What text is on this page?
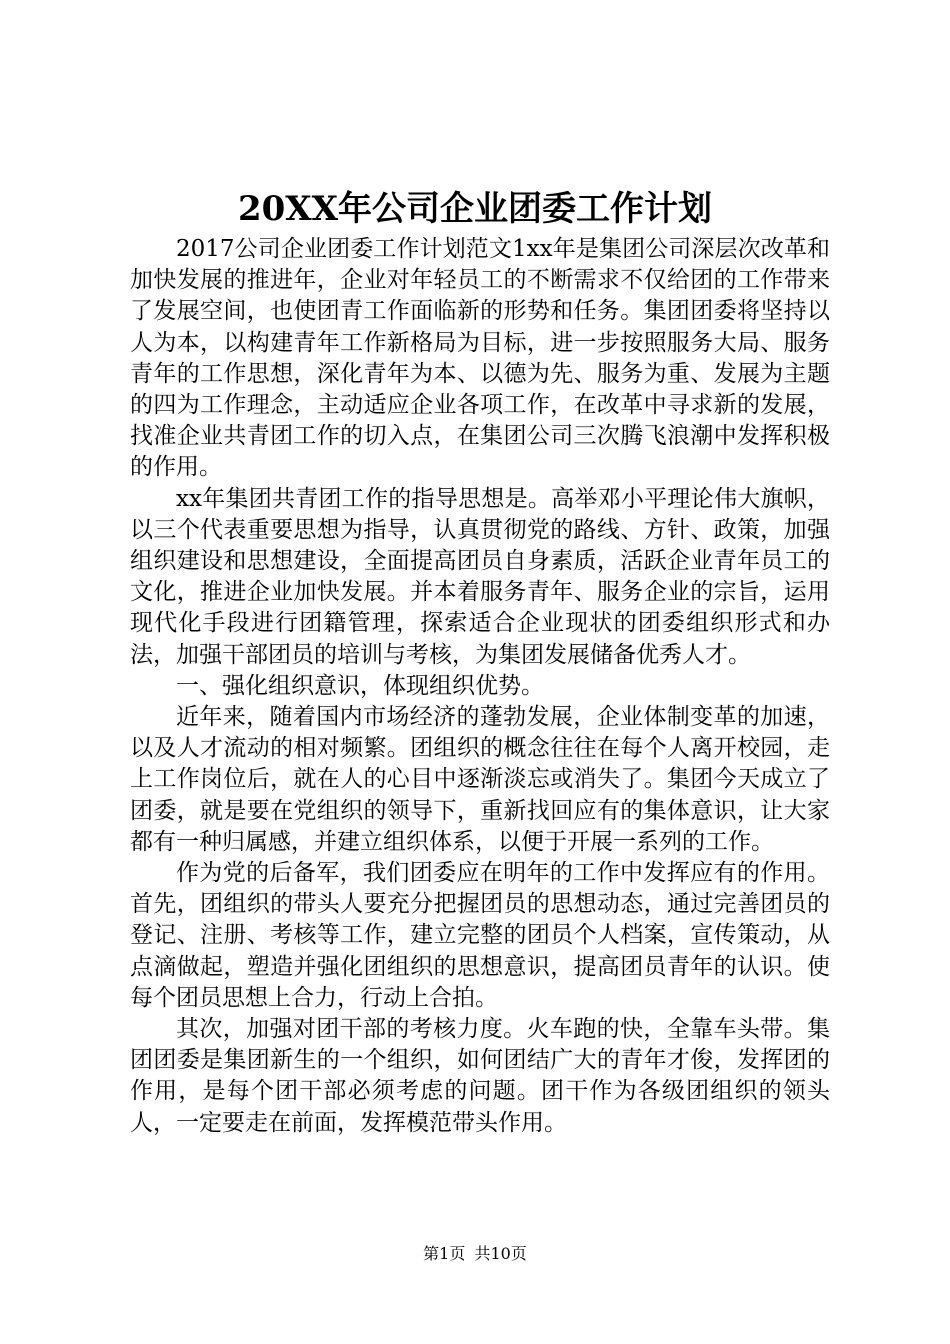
20XX年公司企业团委工作计划

2017公司企业团委工作计划范文1xx年是集团公司深层次改革和加快发展的推进年，企业对年轻员工的不断需求不仅给团的工作带来了发展空间，也使团青工作面临新的形势和任务。集团团委将坚持以人为本，以构建青年工作新格局为目标，进一步按照服务大局、服务青年的工作思想，深化青年为本、以德为先、服务为重、发展为主题的四为工作理念，主动适应企业各项工作，在改革中寻求新的发展，找准企业共青团工作的切入点，在集团公司三次腾飞浪潮中发挥积极的作用。

xx年集团共青团工作的指导思想是。高举邓小平理论伟大旗帜，以三个代表重要思想为指导，认真贯彻党的路线、方针、政策，加强组织建设和思想建设，全面提高团员自身素质，活跃企业青年员工的文化，推进企业加快发展。并本着服务青年、服务企业的宗旨，运用现代化手段进行团籍管理，探索适合企业现状的团委组织形式和办法，加强干部团员的培训与考核，为集团发展储备优秀人才。

一、强化组织意识，体现组织优势。

近年来，随着国内市场经济的蓬勃发展，企业体制变革的加速，以及人才流动的相对频繁。团组织的概念往往在每个人离开校园，走上工作岗位后，就在人的心目中逐渐淡忘或消失了。集团今天成立了团委，就是要在党组织的领导下，重新找回应有的集体意识，让大家都有一种归属感，并建立组织体系，以便于开展一系列的工作。

作为党的后备军，我们团委应在明年的工作中发挥应有的作用。首先，团组织的带头人要充分把握团员的思想动态，通过完善团员的登记、注册、考核等工作，建立完整的团员个人档案，宣传策动，从点滴做起，塑造并强化团组织的思想意识，提高团员青年的认识。使每个团员思想上合力，行动上合拍。

其次，加强对团干部的考核力度。火车跑的快，全靠车头带。集团团委是集团新生的一个组织，如何团结广大的青年才俊，发挥团的作用，是每个团干部必须考虑的问题。团干作为各级团组织的领头人，一定要走在前面，发挥模范带头作用。

第1页 共10页
